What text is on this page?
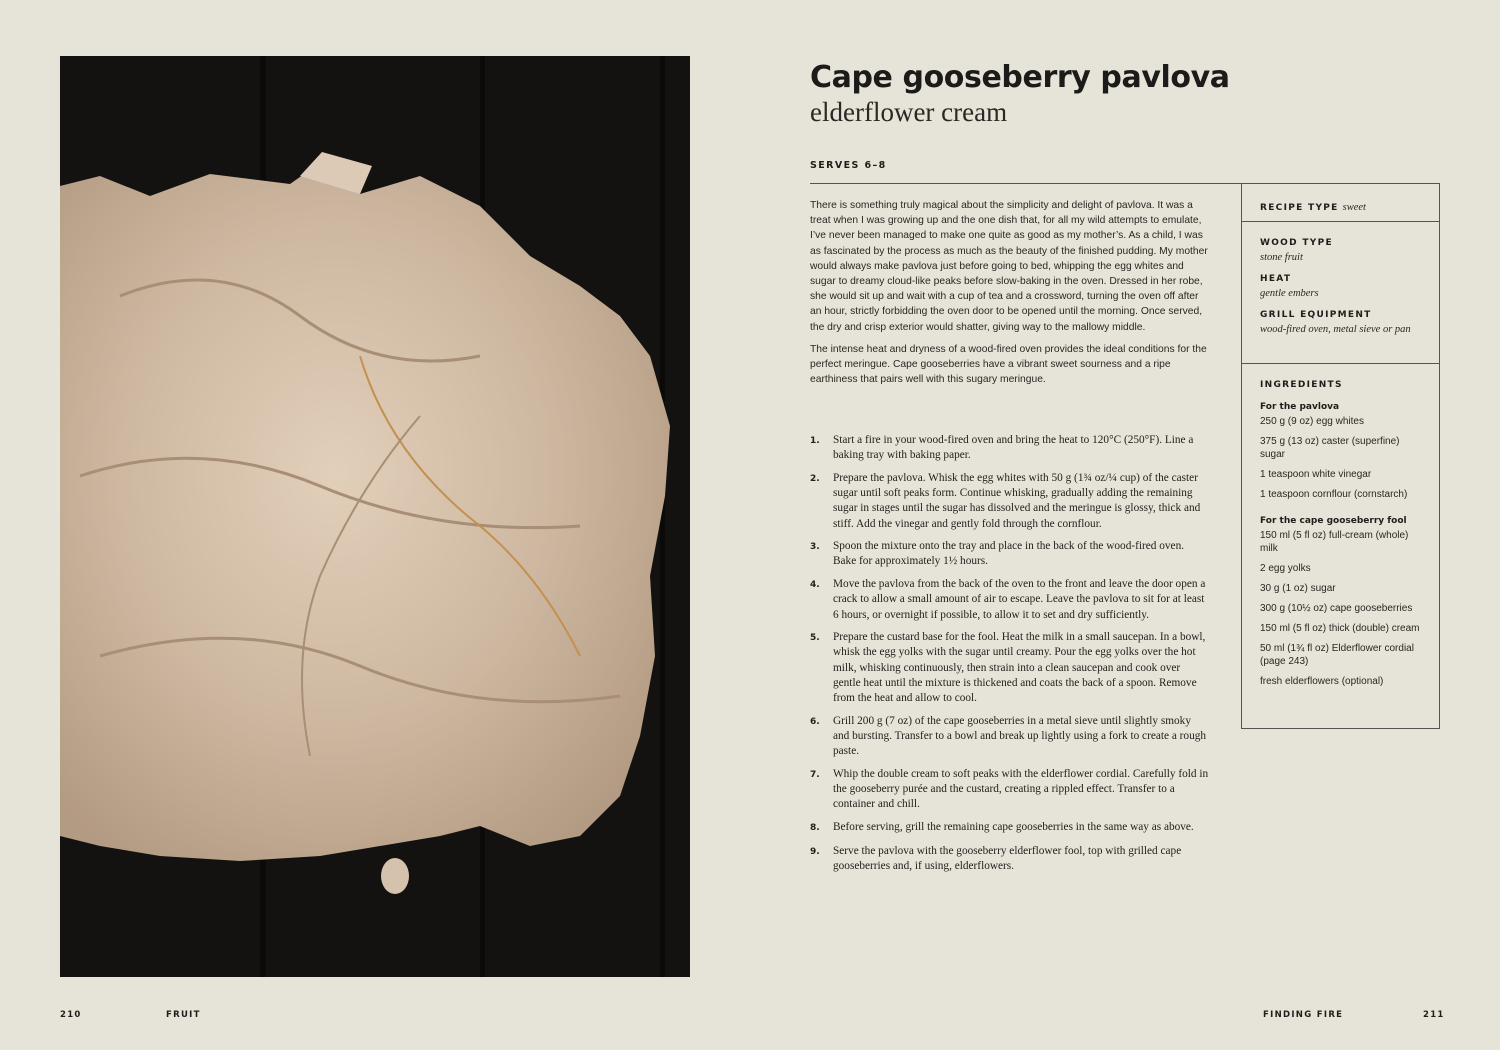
Cape gooseberry pavlova
elderflower cream
SERVES 6–8

There is something truly magical about the simplicity and delight of pavlova. It was a treat when I was growing up and the one dish that, for all my wild attempts to emulate, I’ve never been managed to make one quite as good as my mother’s. As a child, I was as fascinated by the process as much as the beauty of the finished pudding. My mother would always make pavlova just before going to bed, whipping the egg whites and sugar to dreamy cloud-like peaks before slow-baking in the oven. Dressed in her robe, she would sit up and wait with a cup of tea and a crossword, turning the oven off after an hour, strictly forbidding the oven door to be opened until the morning. Once served, the dry and crisp exterior would shatter, giving way to the mallowy middle.

The intense heat and dryness of a wood-fired oven provides the ideal conditions for the perfect meringue. Cape gooseberries have a vibrant sweet sourness and a ripe earthiness that pairs well with this sugary meringue.

1.	Start a fire in your wood-fired oven and bring the heat to 120°C (250°F). Line a baking tray with baking paper.
2.	Prepare the pavlova. Whisk the egg whites with 50 g (1¾ oz/¼ cup) of the caster sugar until soft peaks form. Continue whisking, gradually adding the remaining sugar in stages until the sugar has dissolved and the meringue is glossy, thick and stiff. Add the vinegar and gently fold through the cornflour.
3.	Spoon the mixture onto the tray and place in the back of the wood-fired oven. Bake for approximately 1½ hours.
4.	Move the pavlova from the back of the oven to the front and leave the door open a crack to allow a small amount of air to escape. Leave the pavlova to sit for at least 6 hours, or overnight if possible, to allow it to set and dry sufficiently.
5.	Prepare the custard base for the fool. Heat the milk in a small saucepan. In a bowl, whisk the egg yolks with the sugar until creamy. Pour the egg yolks over the hot milk, whisking continuously, then strain into a clean saucepan and cook over gentle heat until the mixture is thickened and coats the back of a spoon. Remove from the heat and allow to cool.
6.	Grill 200 g (7 oz) of the cape gooseberries in a metal sieve until slightly smoky and bursting. Transfer to a bowl and break up lightly using a fork to create a rough paste.
7.	Whip the double cream to soft peaks with the elderflower cordial. Carefully fold in the gooseberry purée and the custard, creating a rippled effect. Transfer to a container and chill.
8.	Before serving, grill the remaining cape gooseberries in the same way as above.
9.	Serve the pavlova with the gooseberry elderflower fool, top with grilled cape gooseberries and, if using, elderflowers.
RECIPE TYPE sweet
WOOD TYPE
stone fruit
HEAT
gentle embers
GRILL EQUIPMENT
wood-fired oven, metal sieve or pan
INGREDIENTS
For the pavlova
250 g (9 oz) egg whites
375 g (13 oz) caster (superfine) sugar
1 teaspoon white vinegar
1 teaspoon cornflour (cornstarch)
For the cape gooseberry fool
150 ml (5 fl oz) full-cream (whole) milk
2 egg yolks
30 g (1 oz) sugar
300 g (10½ oz) cape gooseberries
150 ml (5 fl oz) thick (double) cream
50 ml (1¾ fl oz) Elderflower cordial (page 243)
fresh elderflowers (optional)
210	FRUIT	FINDING FIRE	211
